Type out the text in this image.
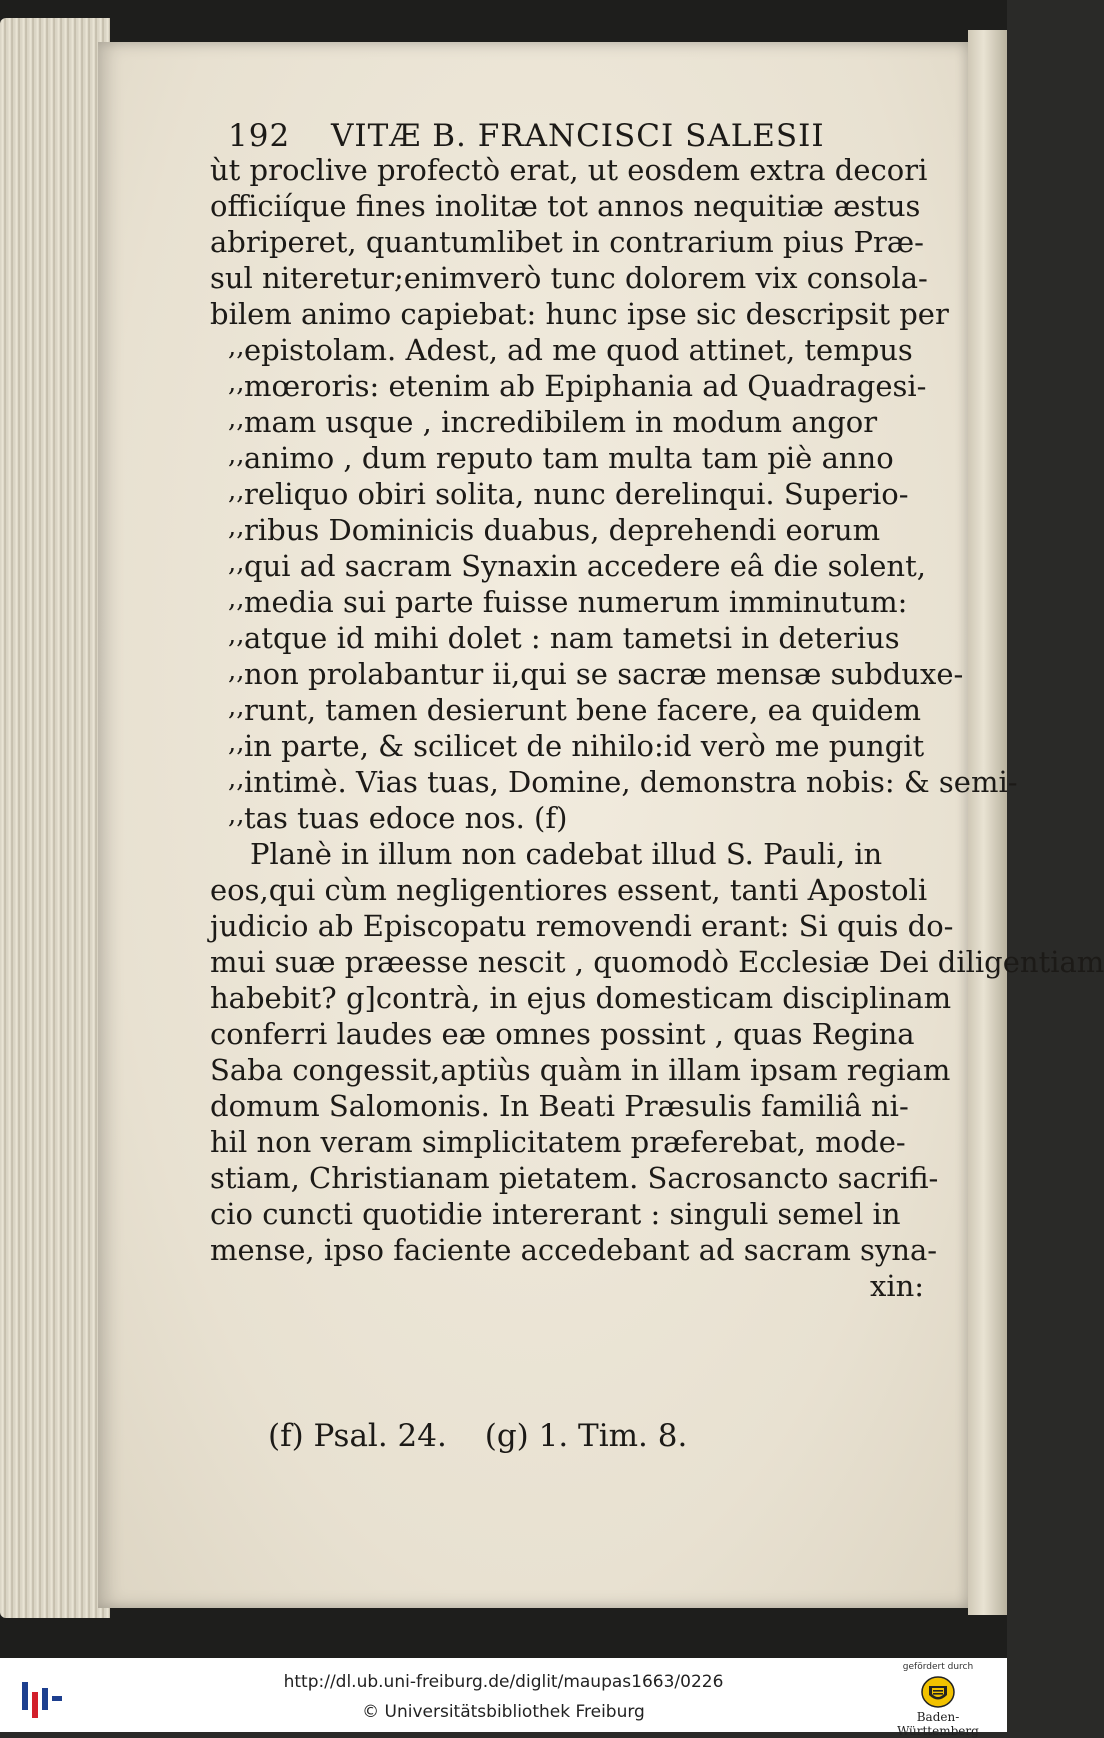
192 VITÆ B. FRANCISCI SALESII
ùt proclive profectò erat, ut eosdem extra decori
officiíque fines inolitæ tot annos nequitiæ æstus
abriperet, quantumlibet in contrarium pius Præ-
sul niteretur;enimverò tunc dolorem vix consola-
bilem animo capiebat: hunc ipse sic descripsit per
epistolam. Adest, ad me quod attinet, tempus
mœroris: etenim ab Epiphania ad Quadragesi-
mam usque , incredibilem in modum angor
animo , dum reputo tam multa tam piè anno
reliquo obiri solita, nunc derelinqui. Superio-
ribus Dominicis duabus, deprehendi eorum
qui ad sacram Synaxin accedere eâ die solent,
media sui parte fuisse numerum imminutum:
atque id mihi dolet : nam tametsi in deterius
non prolabantur ii,qui se sacræ mensæ subduxe-
runt, tamen desierunt bene facere, ea quidem
in parte, & scilicet de nihilo:id verò me pungit
intimè. Vias tuas, Domine, demonstra nobis: & semi-
tas tuas edoce nos. (f)
Planè in illum non cadebat illud S. Pauli, in
eos,qui cùm negligentiores essent, tanti Apostoli
judicio ab Episcopatu removendi erant: Si quis do-
mui suæ præesse nescit , quomodò Ecclesiæ Dei diligentiam
habebit? g]contrà, in ejus domesticam disciplinam
conferri laudes eæ omnes possint , quas Regina
Saba congessit,aptiùs quàm in illam ipsam regiam
domum Salomonis. In Beati Præsulis familiâ ni-
hil non veram simplicitatem præferebat, mode-
stiam, Christianam pietatem. Sacrosancto sacrifi-
cio cuncti quotidie intererant : singuli semel in
mense, ipso faciente accedebant ad sacram syna-
xin:
,,
,,
,,
,,
,,
,,
,,
,,
,,
,,
,,
,,
,,
,,
(f) Psal. 24. (g) 1. Tim. 8.
http://dl.ub.uni-freiburg.de/diglit/maupas1663/0226
© Universitätsbibliothek Freiburg
gefördert durch
Baden-Württemberg
